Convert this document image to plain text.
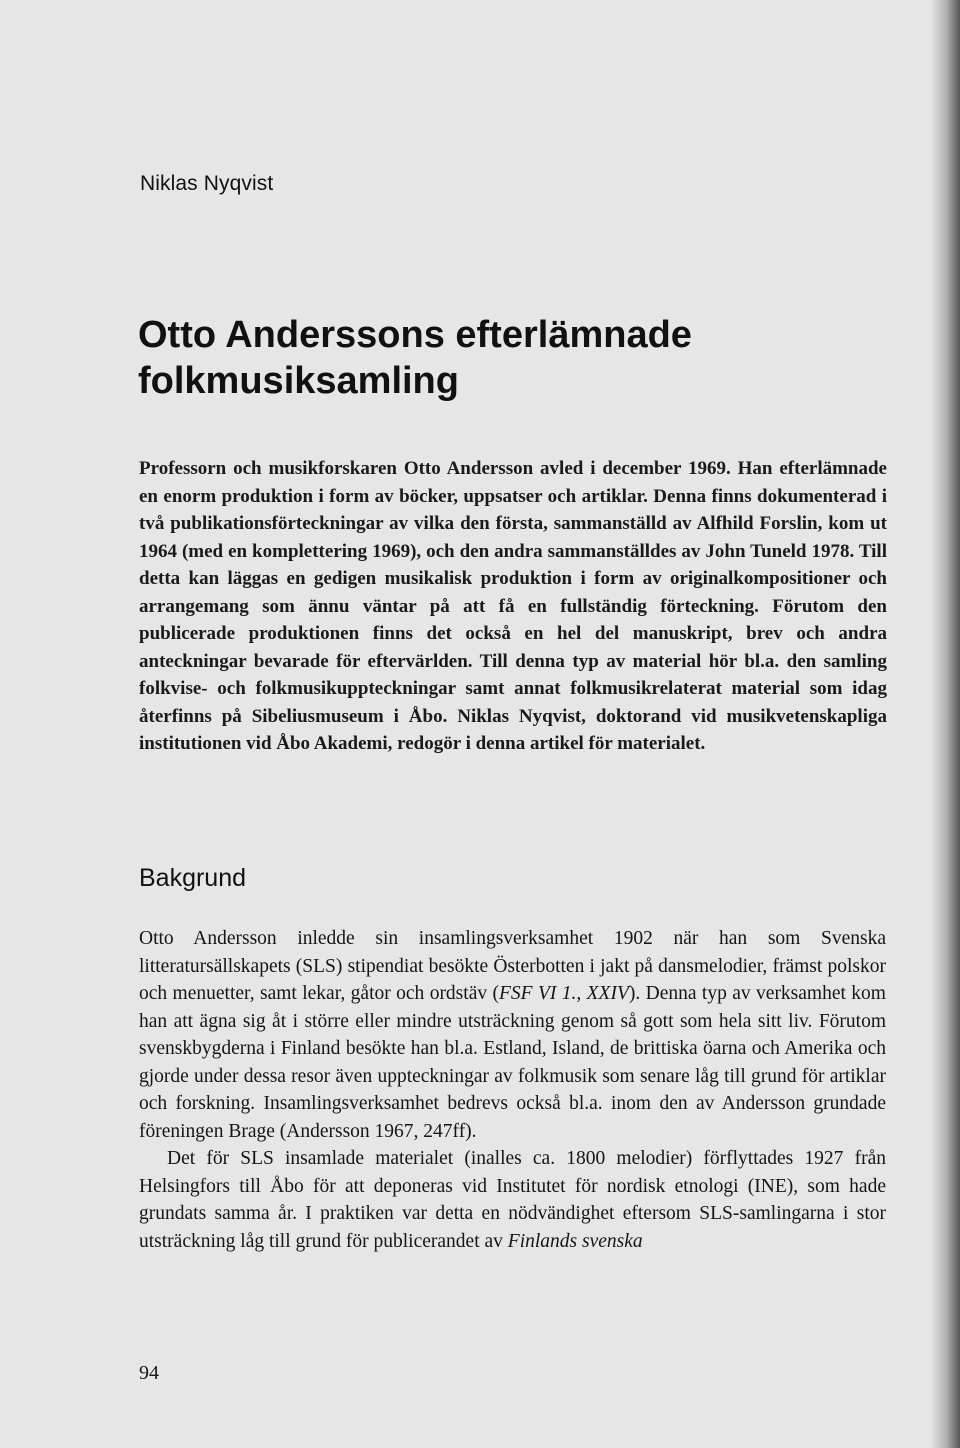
Niklas Nyqvist
Otto Anderssons efterlämnade folkmusiksamling

Professorn och musikforskaren Otto Andersson avled i december 1969. Han efterlämnade en enorm produktion i form av böcker, uppsatser och artiklar. Denna finns dokumenterad i två publikationsförteckningar av vilka den första, sammanställd av Alfhild Forslin, kom ut 1964 (med en komplettering 1969), och den andra sammanställdes av John Tuneld 1978. Till detta kan läggas en gedigen musikalisk produktion i form av originalkompositioner och arrangemang som ännu väntar på att få en fullständig förteckning. Förutom den publicerade produktionen finns det också en hel del manuskript, brev och andra anteckningar bevarade för eftervärlden. Till denna typ av material hör bl.a. den samling folkvise- och folkmusikuppteckningar samt annat folkmusikrelaterat material som idag återfinns på Sibeliusmuseum i Åbo. Niklas Nyqvist, doktorand vid musikvetenskapliga institutionen vid Åbo Akademi, redogör i denna artikel för materialet.

Bakgrund

Otto Andersson inledde sin insamlingsverksamhet 1902 när han som Svenska litteratursällskapets (SLS) stipendiat besökte Österbotten i jakt på dansmelodier, främst polskor och menuetter, samt lekar, gåtor och ordstäv (FSF VI 1., XXIV). Denna typ av verksamhet kom han att ägna sig åt i större eller mindre utsträckning genom så gott som hela sitt liv. Förutom svenskbygderna i Finland besökte han bl.a. Estland, Island, de brittiska öarna och Amerika och gjorde under dessa resor även uppteckningar av folkmusik som senare låg till grund för artiklar och forskning. Insamlingsverksamhet bedrevs också bl.a. inom den av Andersson grundade föreningen Brage (Andersson 1967, 247ff).

Det för SLS insamlade materialet (inalles ca. 1800 melodier) förflyttades 1927 från Helsingfors till Åbo för att deponeras vid Institutet för nordisk etnologi (INE), som hade grundats samma år. I praktiken var detta en nödvändighet eftersom SLS-samlingarna i stor utsträckning låg till grund för publicerandet av Finlands svenska

94
